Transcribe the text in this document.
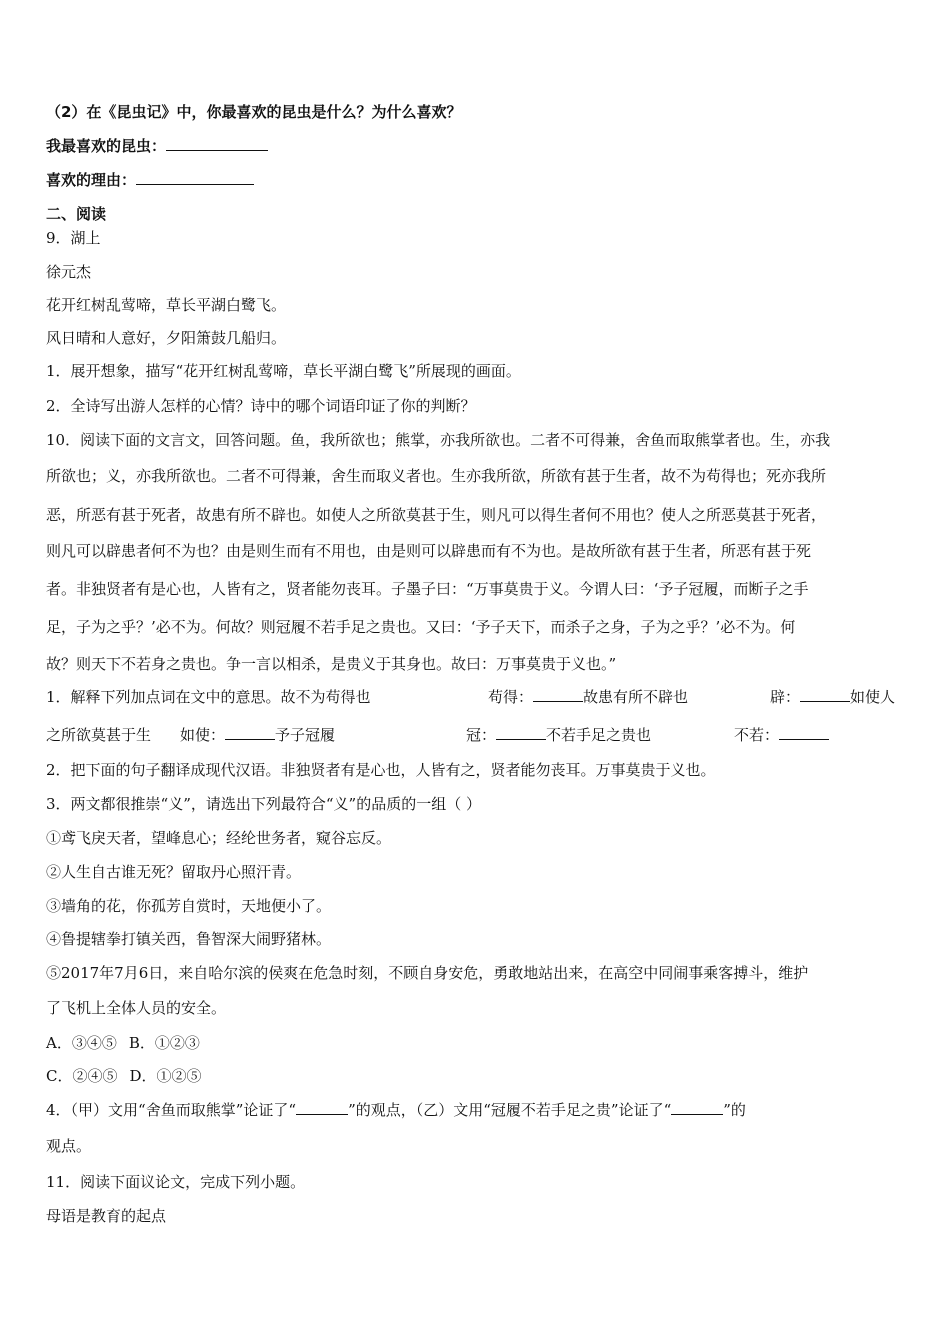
（2）在《昆虫记》中，你最喜欢的昆虫是什么？为什么喜欢？
我最喜欢的昆虫：
喜欢的理由：
二、阅读
9．湖上
徐元杰
花开红树乱莺啼，草长平湖白鹭飞。
风日晴和人意好，夕阳箫鼓几船归。
1．展开想象，描写“花开红树乱莺啼，草长平湖白鹭飞”所展现的画面。
2．全诗写出游人怎样的心情？诗中的哪个词语印证了你的判断？
10．阅读下面的文言文，回答问题。鱼，我所欲也；熊掌，亦我所欲也。二者不可得兼，舍鱼而取熊掌者也。生，亦我
所欲也；义，亦我所欲也。二者不可得兼，舍生而取义者也。生亦我所欲，所欲有甚于生者，故不为苟得也；死亦我所
恶，所恶有甚于死者，故患有所不辟也。如使人之所欲莫甚于生，则凡可以得生者何不用也？使人之所恶莫甚于死者，
则凡可以辟患者何不为也？由是则生而有不用也，由是则可以辟患而有不为也。是故所欲有甚于生者，所恶有甚于死
者。非独贤者有是心也，人皆有之，贤者能勿丧耳。子墨子曰：“万事莫贵于义。今谓人曰：‘予子冠履，而断子之手
足，子为之乎？’必不为。何故？则冠履不若手足之贵也。又曰：‘予子天下，而杀子之身，子为之乎？’必不为。何
故？则天下不若身之贵也。争一言以相杀，是贵义于其身也。故曰：万事莫贵于义也。”
1．解释下列加点词在文中的意思。故不为苟得也	苟得：	故患有所不辟也	辟：	如使人
之所欲莫甚于生 如使：	予子冠履	冠：	不若手足之贵也	不若：
2．把下面的句子翻译成现代汉语。非独贤者有是心也，人皆有之，贤者能勿丧耳。万事莫贵于义也。
3．两文都很推崇“义”，请选出下列最符合“义”的品质的一组（ ）
①鸢飞戾天者，望峰息心；经纶世务者，窥谷忘反。
②人生自古谁无死？留取丹心照汗青。
③墙角的花，你孤芳自赏时，天地便小了。
④鲁提辖拳打镇关西，鲁智深大闹野猪林。
⑤2017年7月6日，来自哈尔滨的侯爽在危急时刻，不顾自身安危，勇敢地站出来，在高空中同闹事乘客搏斗，维护
了飞机上全体人员的安全。
A．③④⑤ B．①②③
C．②④⑤ D．①②⑤
4．（甲）文用“舍鱼而取熊掌”论证了“	”的观点，（乙）文用“冠履不若手足之贵”论证了“	”的
观点。
11．阅读下面议论文，完成下列小题。
母语是教育的起点
